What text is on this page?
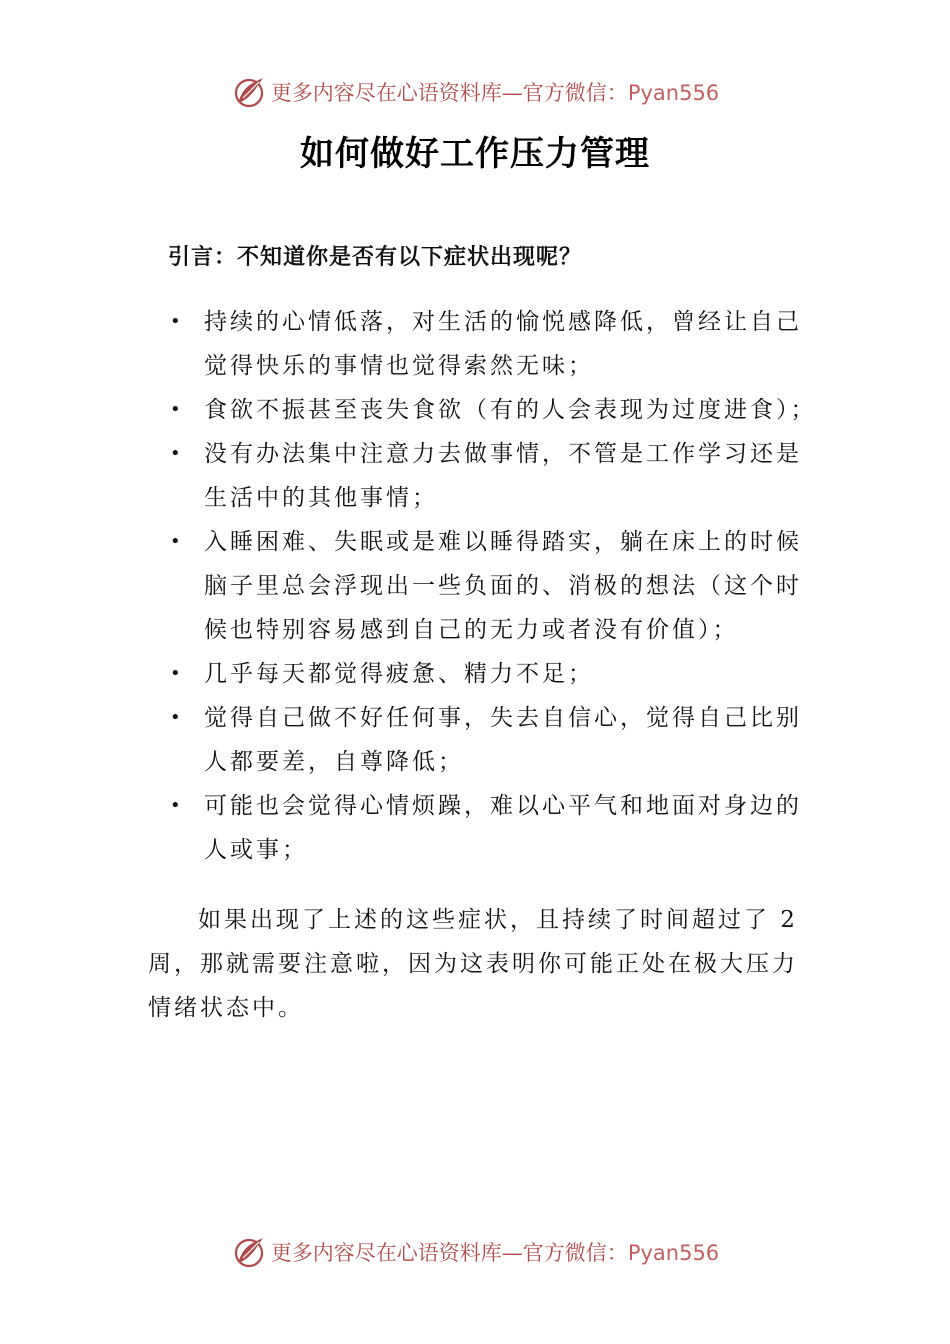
更多内容尽在心语资料库—官方微信：Pyan556
如何做好工作压力管理
引言：不知道你是否有以下症状出现呢？
• 持续的心情低落，对生活的愉悦感降低，曾经让自己觉得快乐的事情也觉得索然无味；
• 食欲不振甚至丧失食欲（有的人会表现为过度进食）；
• 没有办法集中注意力去做事情，不管是工作学习还是生活中的其他事情；
• 入睡困难、失眠或是难以睡得踏实，躺在床上的时候脑子里总会浮现出一些负面的、消极的想法（这个时候也特别容易感到自己的无力或者没有价值）；
• 几乎每天都觉得疲惫、精力不足；
• 觉得自己做不好任何事，失去自信心，觉得自己比别人都要差，自尊降低；
• 可能也会觉得心情烦躁，难以心平气和地面对身边的人或事；

如果出现了上述的这些症状，且持续了时间超过了 2 周，那就需要注意啦，因为这表明你可能正处在极大压力情绪状态中。

更多内容尽在心语资料库—官方微信：Pyan556
